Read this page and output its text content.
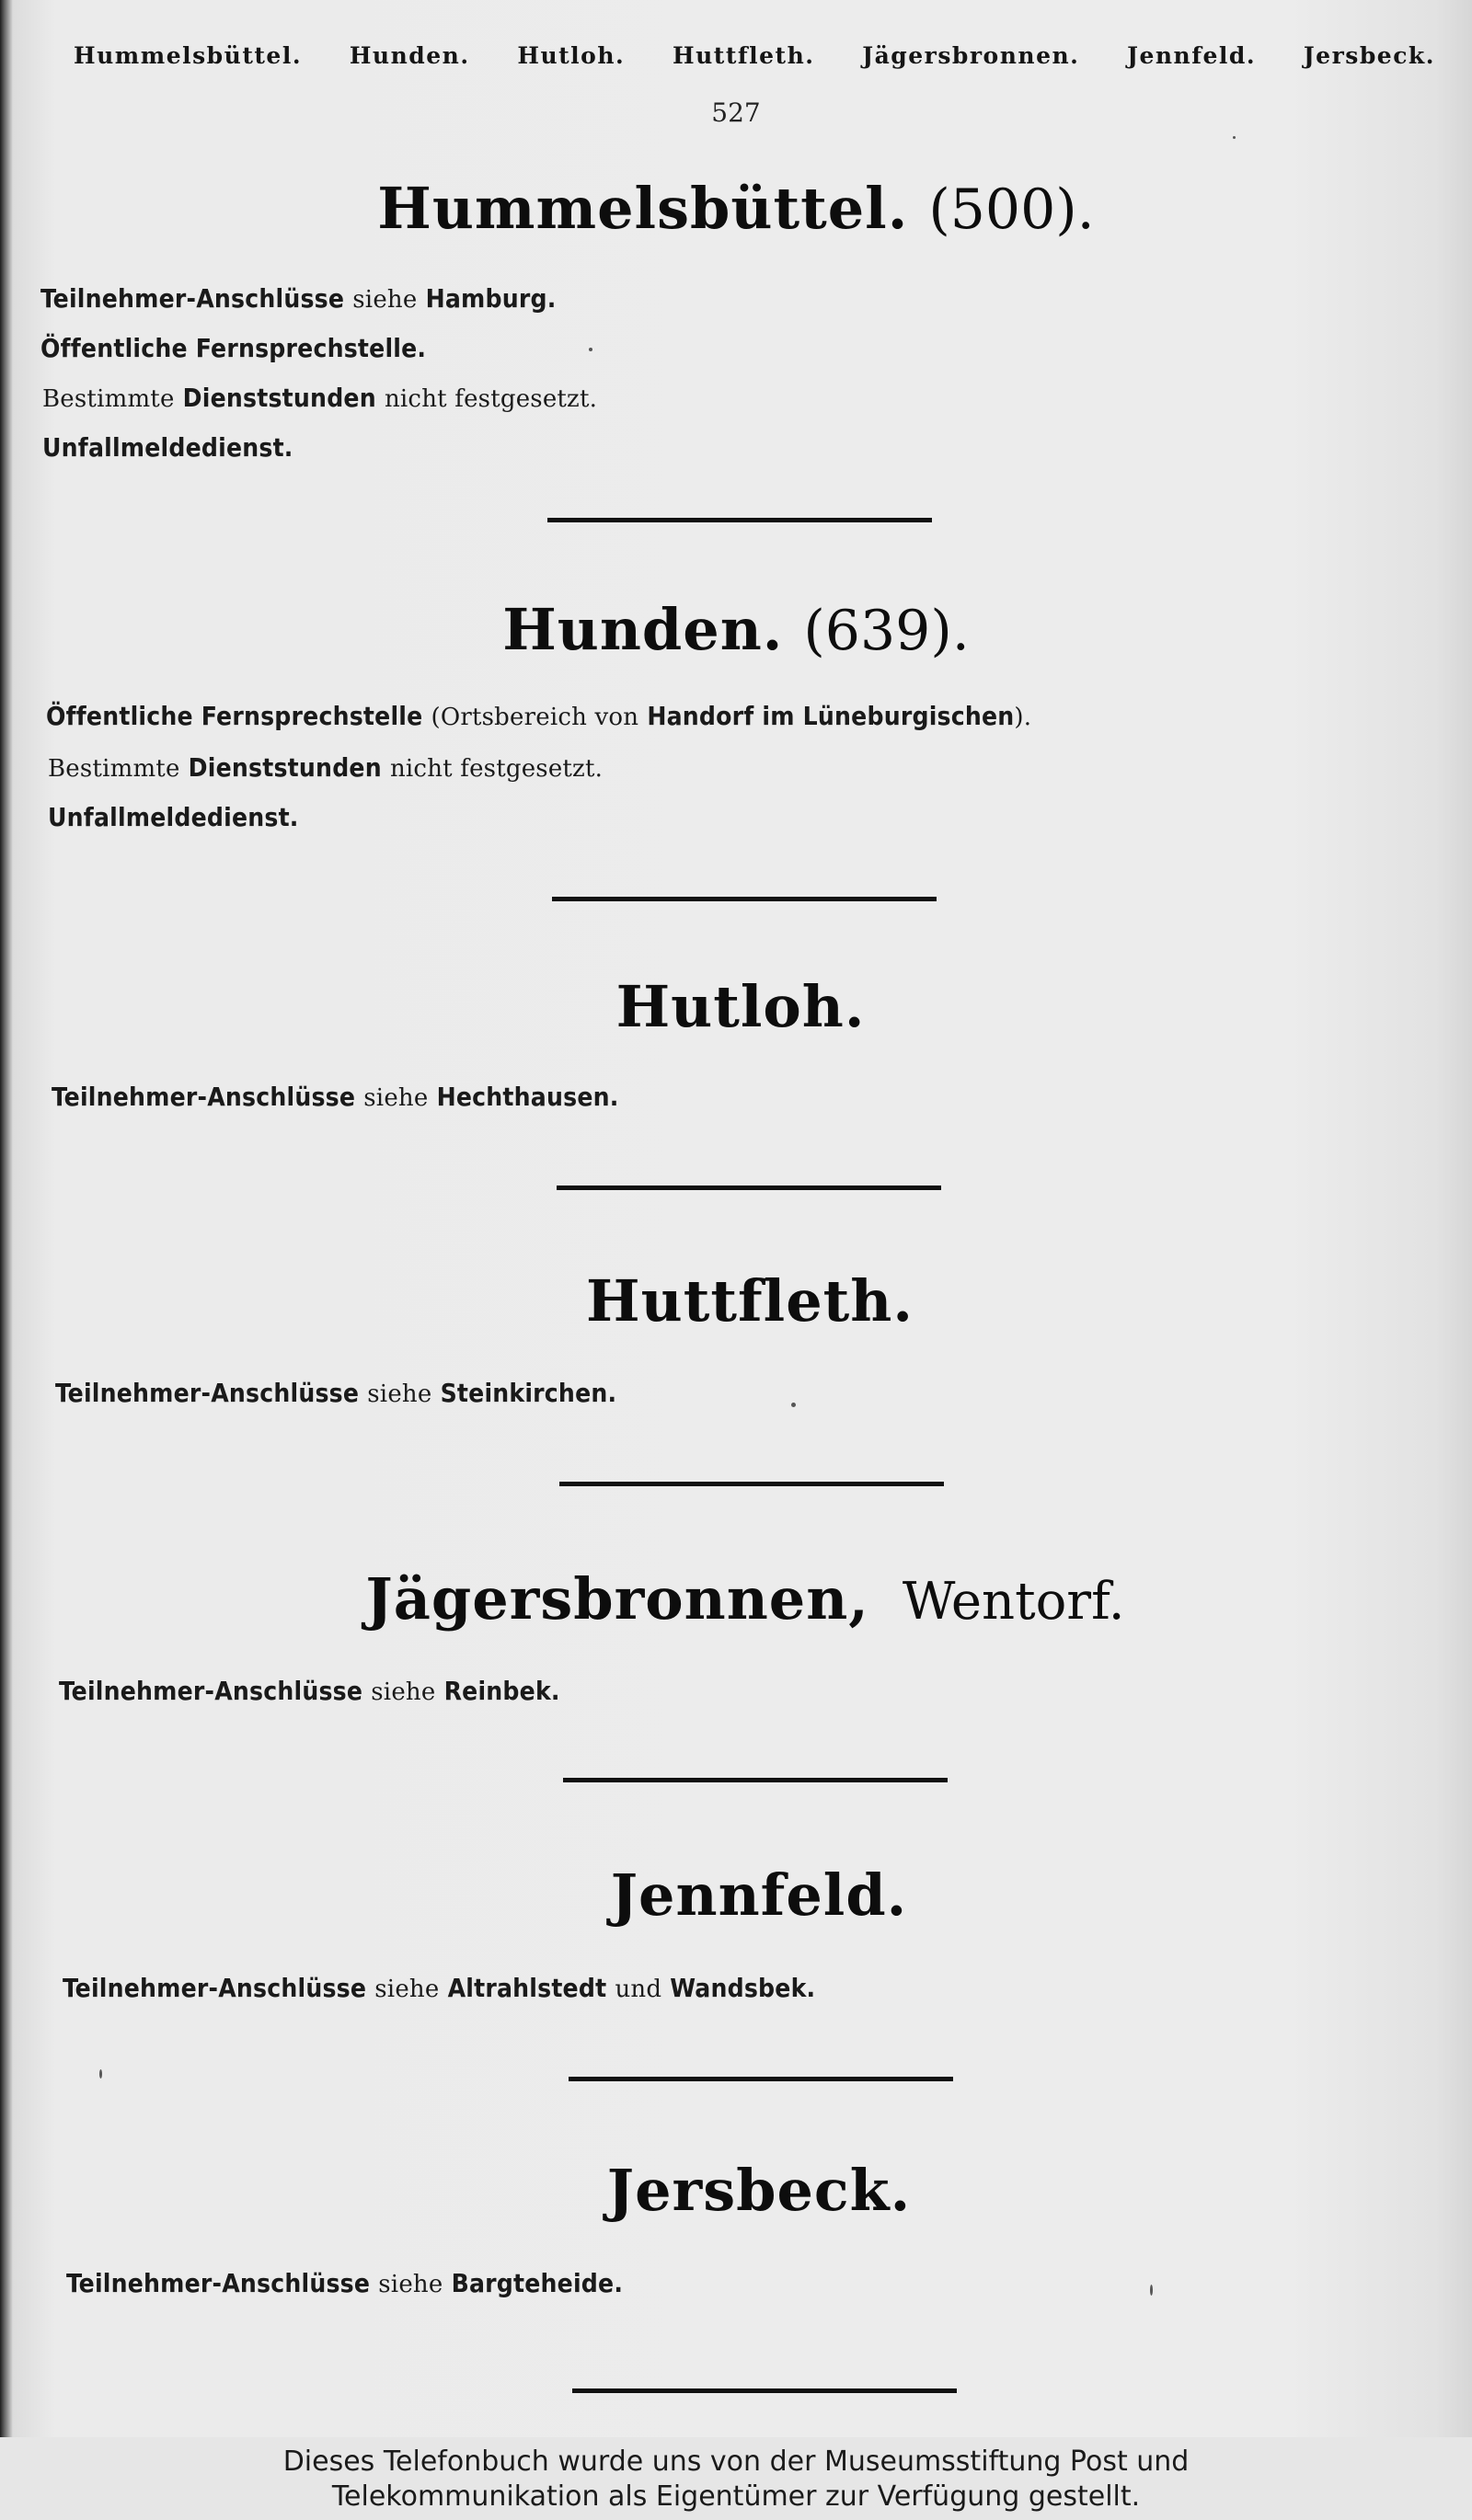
Hummelsbüttel. Hunden. Hutloh. Huttfleth. Jägersbronnen. Jennfeld. Jersbeck.
527
Hummelsbüttel. (500).
Teilnehmer-Anschlüsse siehe Hamburg.
Öffentliche Fernsprechstelle.
Bestimmte Dienststunden nicht festgesetzt.
Unfallmeldedienst.
Hunden. (639).
Öffentliche Fernsprechstelle (Ortsbereich von Handorf im Lüneburgischen).
Bestimmte Dienststunden nicht festgesetzt.
Unfallmeldedienst.
Hutloh.
Teilnehmer-Anschlüsse siehe Hechthausen.
Huttfleth.
Teilnehmer-Anschlüsse siehe Steinkirchen.
Jägersbronnen, Wentorf.
Teilnehmer-Anschlüsse siehe Reinbek.
Jennfeld.
Teilnehmer-Anschlüsse siehe Altrahlstedt und Wandsbek.
Jersbeck.
Teilnehmer-Anschlüsse siehe Bargteheide.
Dieses Telefonbuch wurde uns von der Museumsstiftung Post und
Telekommunikation als Eigentümer zur Verfügung gestellt.
